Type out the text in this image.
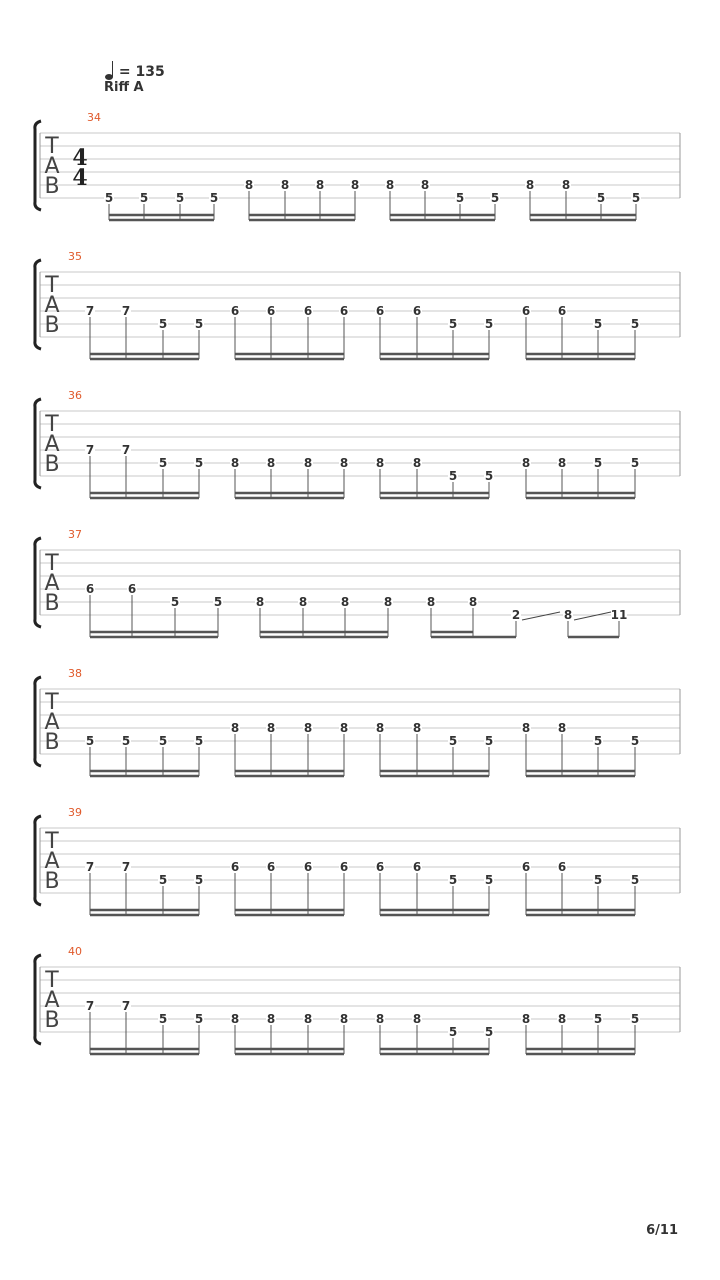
= 135
Riff A
34
T
A
B
4
4
5 5 5 5
8 8 8 8 8 8
5 5
8 8
5 5
35
T
A
B
7 7
5 5
6 6 6 6 6 6
5 5
6 6
5 5
36
T
A
B
7 7
5 5 8 8 8 8 8 8
5 5
8 8 5 5
37
T
A
B
6	6
5	5	8	8	8	8	8	8
2	8	11
38
T
A
B 5 5 5 5
8 8 8 8 8 8
5 5
8 8
5 5
39
T
A
B
7 7
5 5
6 6 6 6 6 6
5 5
6 6
5 5
40
T
A
B
7 7
5 5 8 8 8 8 8 8
5 5
8 8 5 5
6/11
